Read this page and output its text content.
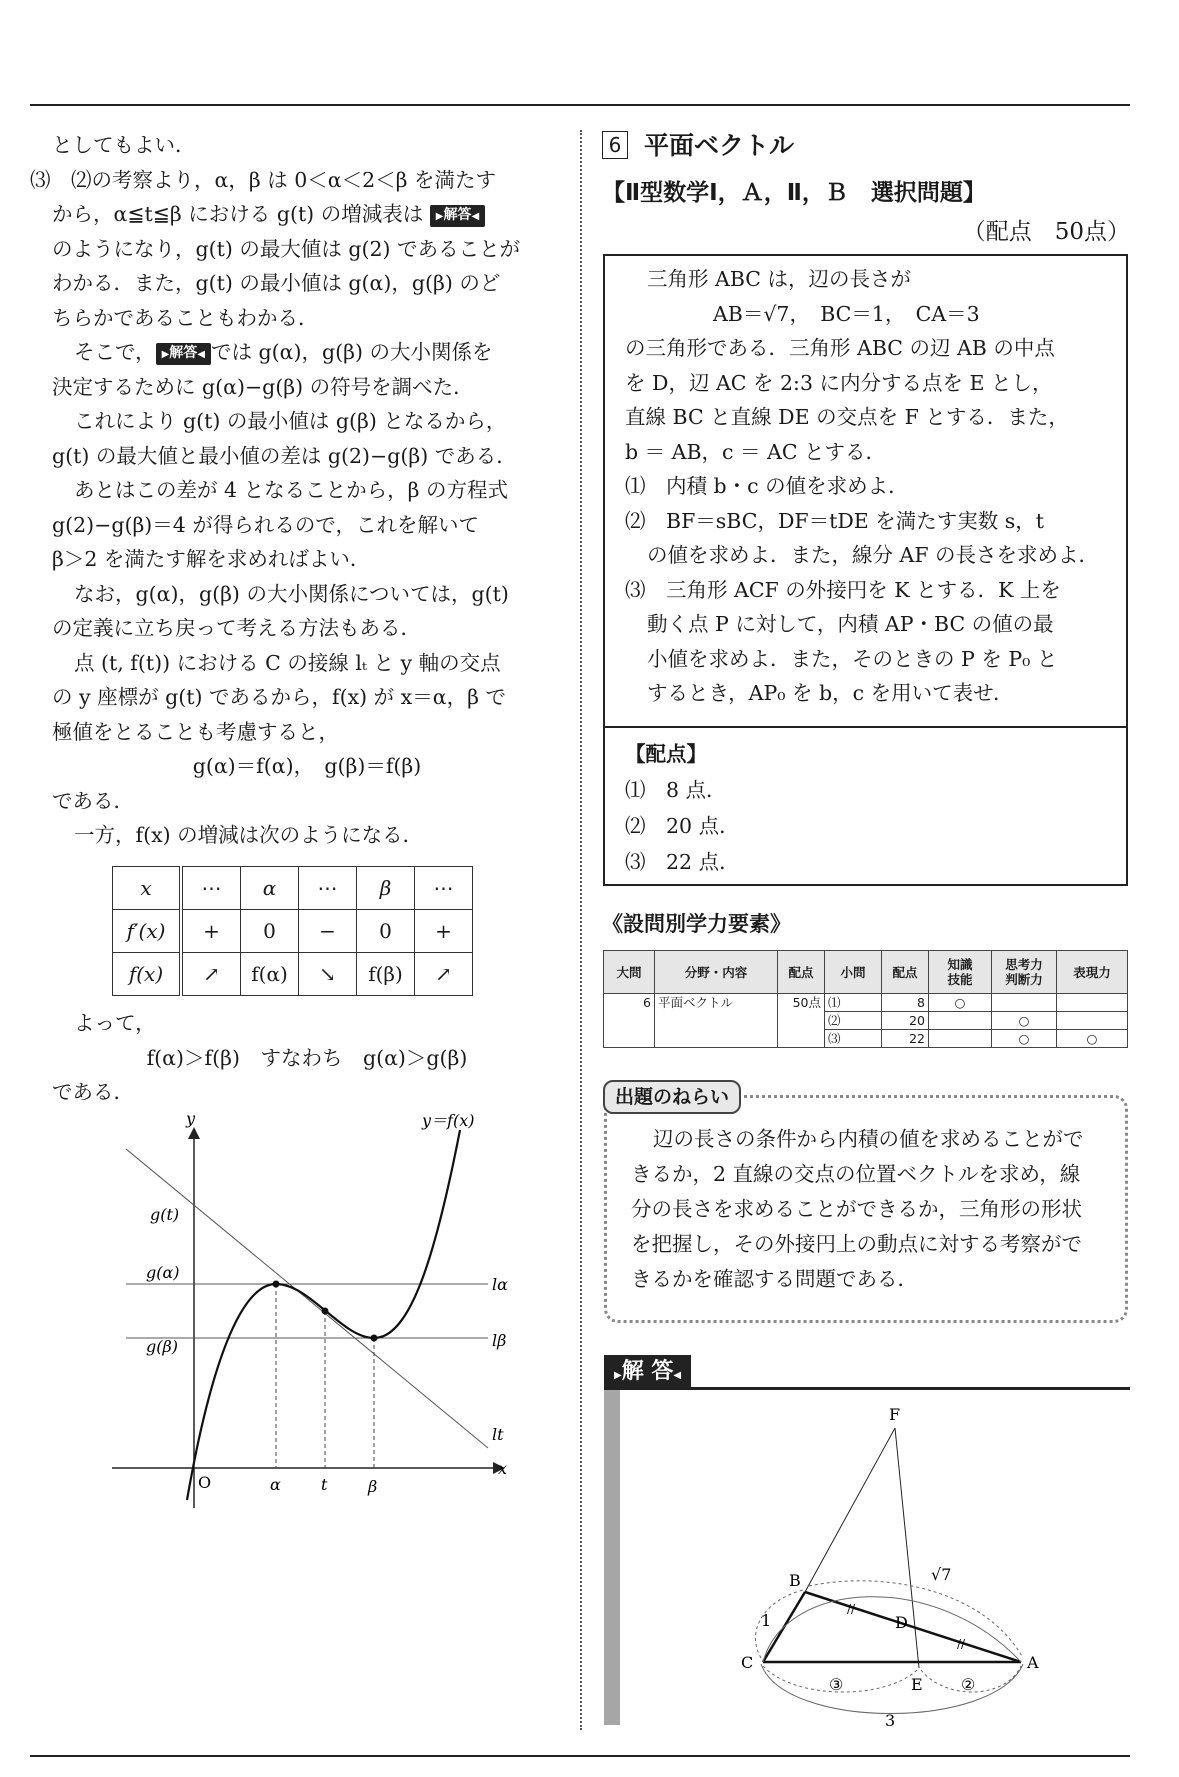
としてもよい．

⑶　⑵の考察より，α，β は 0＜α＜2＜β を満たす

から，α≦t≦β における g(t) の増減表は ▶解答◀

のようになり，g(t) の最大値は g(2) であることが

わかる．また，g(t) の最小値は g(α)，g(β) のど

ちらかであることもわかる．

そこで， ▶解答◀ では g(α)，g(β) の大小関係を

決定するために g(α)−g(β) の符号を調べた．

これにより g(t) の最小値は g(β) となるから，

g(t) の最大値と最小値の差は g(2)−g(β) である．

あとはこの差が 4 となることから，β の方程式

g(2)−g(β)＝4 が得られるので，これを解いて

β＞2 を満たす解を求めればよい．

なお，g(α)，g(β) の大小関係については，g(t)

の定義に立ち戻って考える方法もある．

点 (t, f(t)) における C の接線 lₜ と y 軸の交点

の y 座標が g(t) であるから，f(x) が x＝α，β で

極値をとることも考慮すると，

g(α)＝f(α)，　g(β)＝f(β)

である．

一方，f(x) の増減は次のようになる．

x	⋯	α	⋯	β	⋯
f′(x)	+	0	−	0	+
f(x)	↗	f(α)	↘	f(β)	↗

よって，

f(α)＞f(β)　すなわち　g(α)＞g(β)

である．

y	y＝f(x)
g(t)
g(α)
g(β)
lα
lβ
lt
x
O	α	t	β
6 平面ベクトル
【Ⅱ型数学Ⅰ，Ａ，Ⅱ，Ｂ　選択問題】
（配点　50点）

三角形 ABC は，辺の長さが

AB＝√7，　BC＝1，　CA＝3

の三角形である．三角形 ABC の辺 AB の中点

を D，辺 AC を 2:3 に内分する点を E とし，

直線 BC と直線 DE の交点を F とする．また，

b ＝ AB，c ＝ AC とする．

⑴　内積 b・c の値を求めよ．

⑵　BF＝sBC，DF＝tDE を満たす実数 s，t

の値を求めよ．また，線分 AF の長さを求めよ．

⑶　三角形 ACF の外接円を K とする．K 上を

動く点 P に対して，内積 AP・BC の値の最

小値を求めよ．また，そのときの P を P₀ と

するとき，AP₀ を b，c を用いて表せ．

【配点】
⑴　8 点．
⑵　20 点．
⑶　22 点．
《設問別学力要素》
大問	分野・内容	配点	小問	配点	知識
技能	思考力
判断力	表現力
6	平面ベクトル	50点	⑴	8	○		
			⑵	20		○	
			⑶	22		○	○

辺の長さの条件から内積の値を求めることがで

きるか，2 直線の交点の位置ベクトルを求め，線

分の長さを求めることができるか，三角形の形状

を把握し，その外接円上の動点に対する考察がで

きるかを確認する問題である．

出題のねらい
▶解 答◀
//
//
F
B
D
C
E
A
1
√7
③	②
3
